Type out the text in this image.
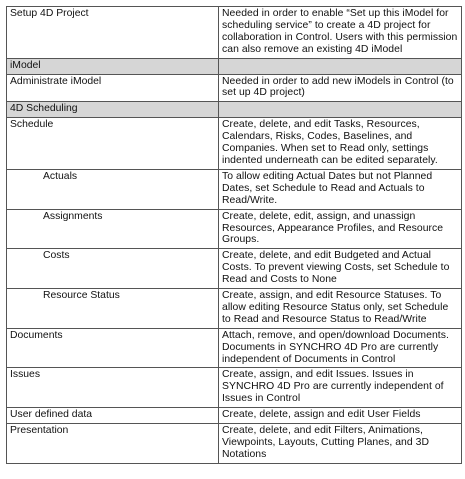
Setup 4D Project	Needed in order to enable “Set up this iModel for scheduling service” to create a 4D project for collaboration in Control. Users with this permission can also remove an existing 4D iModel
iModel	
Administrate iModel	Needed in order to add new iModels in Control (to set up 4D project)
4D Scheduling	
Schedule	Create, delete, and edit Tasks, Resources, Calendars, Risks, Codes, Baselines, and Companies. When set to Read only, settings indented underneath can be edited separately.
Actuals	To allow editing Actual Dates but not Planned Dates, set Schedule to Read and Actuals to Read/Write.
Assignments	Create, delete, edit, assign, and unassign Resources, Appearance Profiles, and Resource Groups.
Costs	Create, delete, and edit Budgeted and Actual Costs. To prevent viewing Costs, set Schedule to Read and Costs to None
Resource Status	Create, assign, and edit Resource Statuses. To allow editing Resource Status only, set Schedule to Read and Resource Status to Read/Write
Documents	Attach, remove, and open/download Documents. Documents in SYNCHRO 4D Pro are currently independent of Documents in Control
Issues	Create, assign, and edit Issues. Issues in SYNCHRO 4D Pro are currently independent of Issues in Control
User defined data	Create, delete, assign and edit User Fields
Presentation	Create, delete, and edit Filters, Animations, Viewpoints, Layouts, Cutting Planes, and 3D Notations
